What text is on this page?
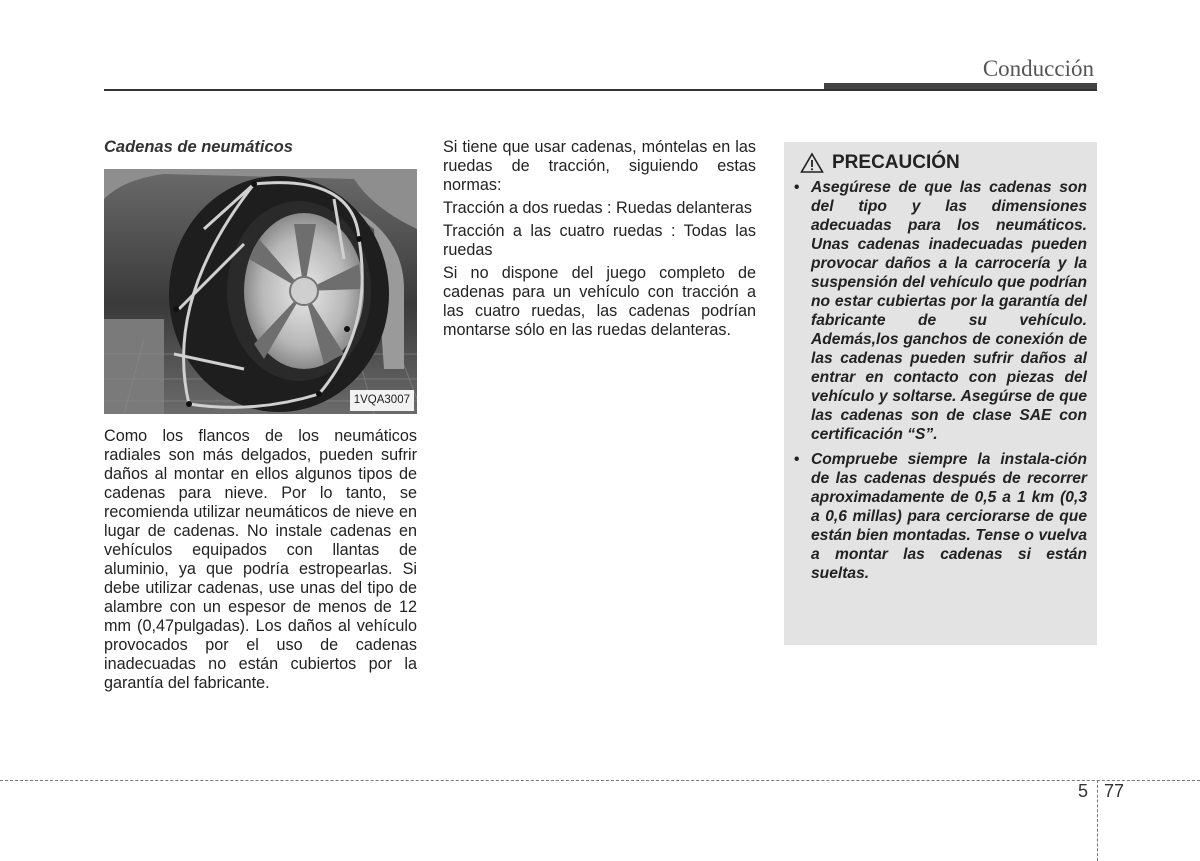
Conducción
Cadenas de neumáticos
1VQA3007

Como los flancos de los neumáticos radiales son más delgados, pueden sufrir daños al montar en ellos algunos tipos de cadenas para nieve. Por lo tanto, se recomienda utilizar neumáticos de nieve en lugar de cadenas. No instale cadenas en vehículos equipados con llantas de aluminio, ya que podría estropearlas. Si debe utilizar cadenas, use unas del tipo de alambre con un espesor de menos de 12 mm (0,47pulgadas). Los daños al vehículo provocados por el uso de cadenas inadecuadas no están cubiertos por la garantía del fabricante.

Si tiene que usar cadenas, móntelas en las ruedas de tracción, siguiendo estas normas:

Tracción a dos ruedas : Ruedas delanteras

Tracción a las cuatro ruedas : Todas las ruedas

Si no dispone del juego completo de cadenas para un vehículo con tracción a las cuatro ruedas, las cadenas podrían montarse sólo en las ruedas delanteras.

PRECAUCIÓN
• Asegúrese de que las cadenas son del tipo y las dimensiones adecuadas para los neumáticos. Unas cadenas inadecuadas pueden provocar daños a la carrocería y la suspensión del vehículo que podrían no estar cubiertas por la garantía del fabricante de su vehículo. Además,los ganchos de conexión de las cadenas pueden sufrir daños al entrar en contacto con piezas del vehículo y soltarse. Asegúrse de que las cadenas son de clase SAE con certificación “S”.
• Compruebe siempre la instala-ción de las cadenas después de recorrer aproximadamente de 0,5 a 1 km (0,3 a 0,6 millas) para cerciorarse de que están bien montadas. Tense o vuelva a montar las cadenas si están sueltas.
5 77
